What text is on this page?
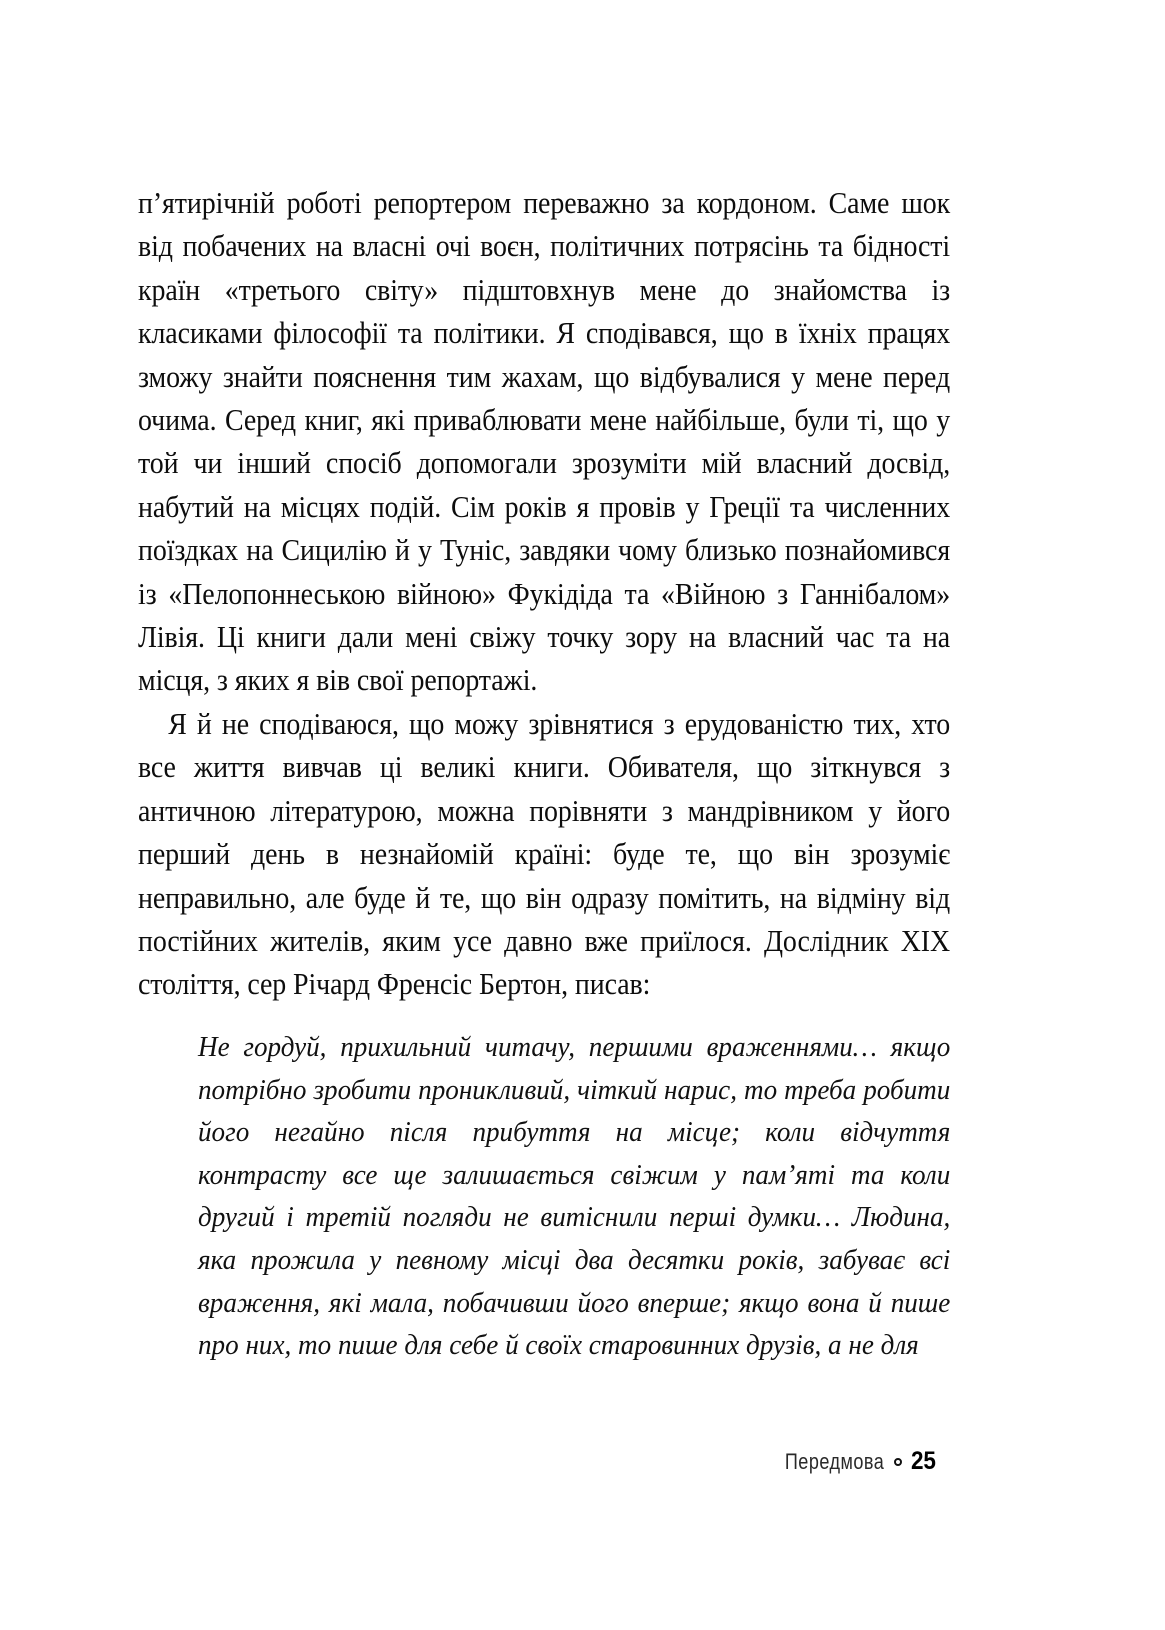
п’ятирічній роботі репортером переважно за кордоном. Саме шок від побачених на власні очі воєн, політичних потрясінь та бідності країн «третього світу» підштовхнув мене до знайомства із класиками філософії та політики. Я сподівався, що в їхніх працях зможу знайти пояснення тим жахам, що відбувалися у мене перед очима. Серед книг, які приваблювати мене найбільше, були ті, що у той чи інший спосіб допомогали зрозуміти мій власний досвід, набутий на місцях подій. Сім років я провів у Греції та численних поїздках на Сицилію й у Туніс, завдяки чому близько познайомився із «Пелопоннеською війною» Фукідіда та «Війною з Ганнібалом» Лівія. Ці книги дали мені свіжу точку зору на власний час та на місця, з яких я вів свої репортажі.

Я й не сподіваюся, що можу зрівнятися з ерудованістю тих, хто все життя вивчав ці великі книги. Обивателя, що зіткнувся з античною літературою, можна порівняти з мандрівником у його перший день в незнайомій країні: буде те, що він зрозуміє неправильно, але буде й те, що він одразу помітить, на відміну від постійних жителів, яким усе давно вже приїлося. Дослідник XIX століття, сер Річард Френсіс Бертон, писав:

Не гордуй, прихильний читачу, першими враженнями… якщо потрібно зробити проникливий, чіткий нарис, то треба робити його негайно після прибуття на місце; коли відчуття контрасту все ще залишається свіжим у пам’яті та коли другий і третій погляди не витіснили перші думки… Людина, яка прожила у певному місці два десятки років, забуває всі враження, які мала, побачивши його вперше; якщо вона й пише про них, то пише для себе й своїх старовинних друзів, а не для

Передмова 25
